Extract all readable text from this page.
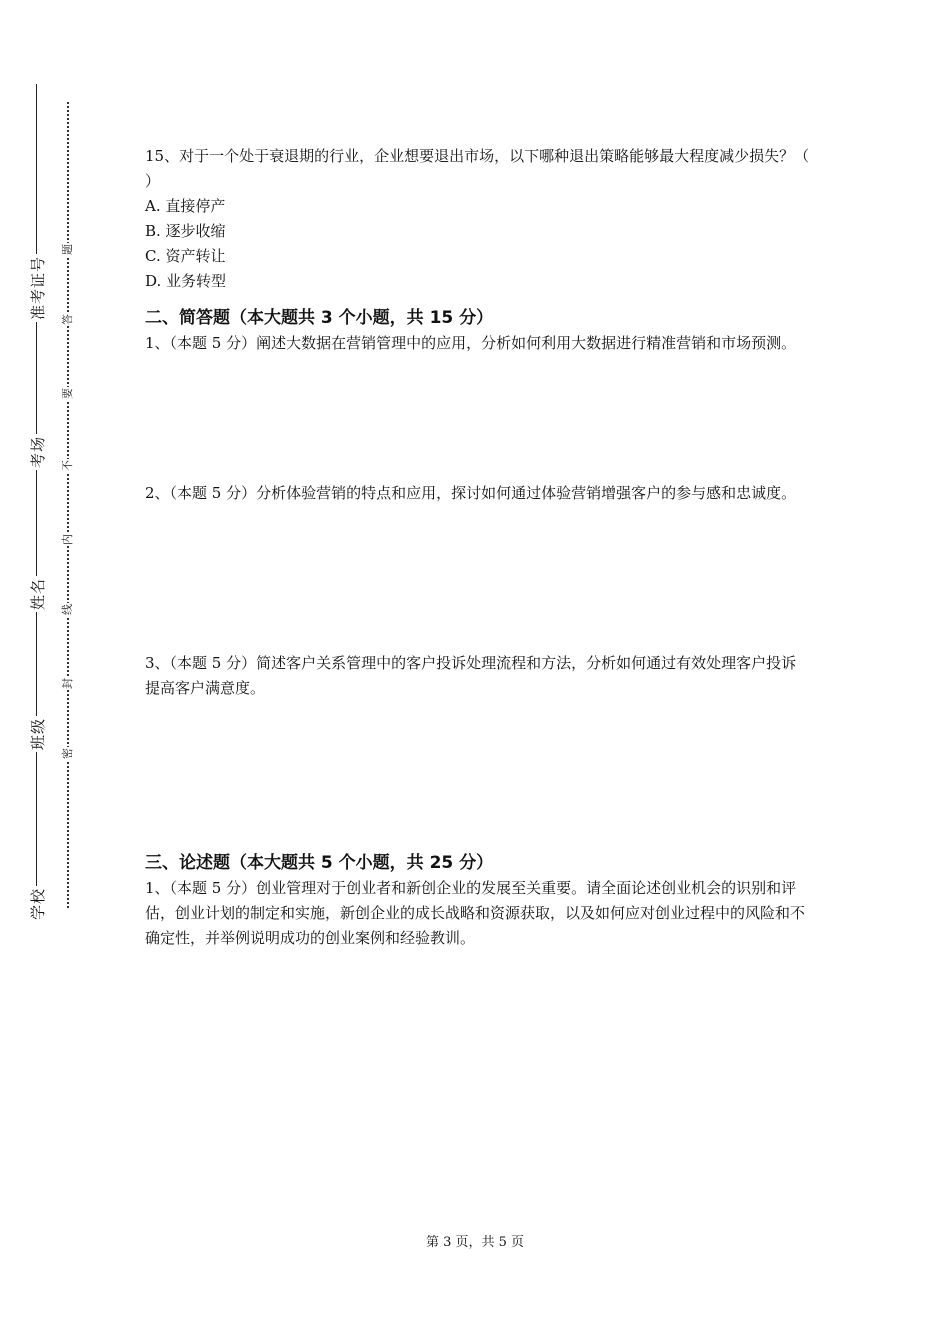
准考证号
考场
姓名
班级
学校
题
答
要
不
内
线
封
密

15、对于一个处于衰退期的行业，企业想要退出市场，以下哪种退出策略能够最大程度减少损失？（ ）

A. 直接停产

B. 逐步收缩

C. 资产转让

D. 业务转型

二、简答题（本大题共 3 个小题，共 15 分）

1、（本题 5 分）阐述大数据在营销管理中的应用，分析如何利用大数据进行精准营销和市场预测。

2、（本题 5 分）分析体验营销的特点和应用，探讨如何通过体验营销增强客户的参与感和忠诚度。

3、（本题 5 分）简述客户关系管理中的客户投诉处理流程和方法，分析如何通过有效处理客户投诉提高客户满意度。

三、论述题（本大题共 5 个小题，共 25 分）

1、（本题 5 分）创业管理对于创业者和新创企业的发展至关重要。请全面论述创业机会的识别和评估，创业计划的制定和实施，新创企业的成长战略和资源获取，以及如何应对创业过程中的风险和不确定性，并举例说明成功的创业案例和经验教训。

第 3 页，共 5 页
